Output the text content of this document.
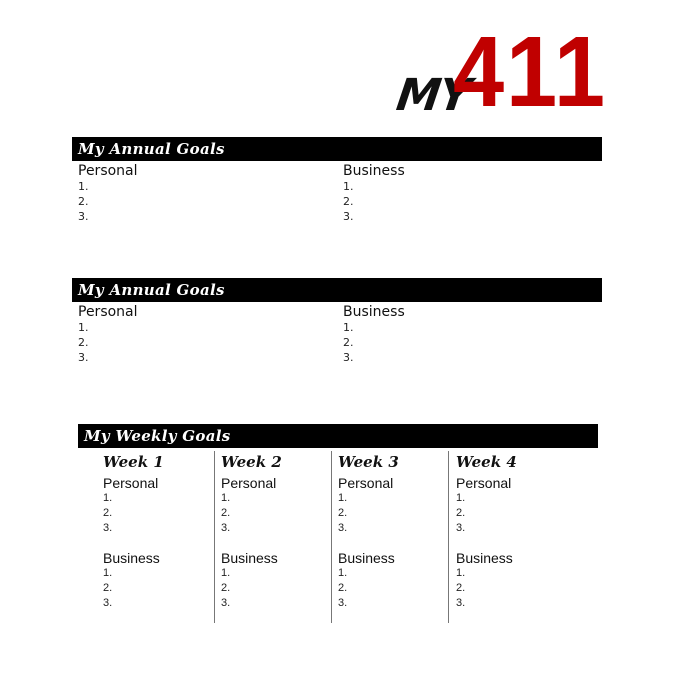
MY
411
My Annual Goals
Personal
1.
2.
3.
Business
1.
2.
3.
My Annual Goals
Personal
1.
2.
3.
Business
1.
2.
3.
My Weekly Goals
Week 1
Personal
1.
2.
3.
Business
1.
2.
3.
Week 2
Personal
1.
2.
3.
Business
1.
2.
3.
Week 3
Personal
1.
2.
3.
Business
1.
2.
3.
Week 4
Personal
1.
2.
3.
Business
1.
2.
3.
